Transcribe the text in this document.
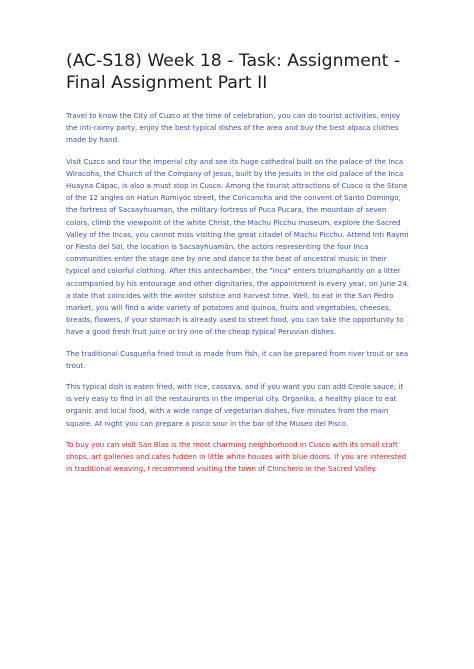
(AC-S18) Week 18 - Task: Assignment - Final Assignment Part II

Travel to know the City of Cuzco at the time of celebration, you can do tourist activities, enjoy the inti-raimy party, enjoy the best typical dishes of the area and buy the best alpaca clothes made by hand.

Visit Cuzco and tour the imperial city and see its huge cathedral built on the palace of the Inca Wiracoha, the Church of the Company of Jesus, built by the Jesuits in the old palace of the Inca Huayna Cápac, is also a must stop in Cusco. Among the tourist attractions of Cusco is the Stone of the 12 angles on Hatun Rumiyoc street, the Coricancha and the convent of Santo Domingo, the fortress of Sacsayhuaman, the military fortress of Puca Pucara, the mountain of seven colors, climb the viewpoint of the white Christ, the Machu Picchu museum, explore the Sacred Valley of the Incas, you cannot miss visiting the great citadel of Machu Picchu. Attend Inti Raymi or Fiesta del Sol, the location is Sacsayhuamán, the actors representing the four Inca communities enter the stage one by one and dance to the beat of ancestral music in their typical and colorful clothing. After this antechamber, the "Inca" enters triumphantly on a litter accompanied by his entourage and other dignitaries, the appointment is every year, on June 24, a date that coincides with the winter solstice and harvest time. Well, to eat in the San Pedro market, you will find a wide variety of potatoes and quinoa, fruits and vegetables, cheeses, breads, flowers, if your stomach is already used to street food, you can take the opportunity to have a good fresh fruit juice or try one of the cheap typical Peruvian dishes.

The traditional Cusqueña fried trout is made from fish, it can be prepared from river trout or sea trout.

This typical dish is eaten fried, with rice, cassava, and if you want you can add Creole sauce, it is very easy to find in all the restaurants in the imperial city. Organika, a healthy place to eat organic and local food, with a wide range of vegetarian dishes, five minutes from the main square. At night you can prepare a pisco sour in the bar of the Museo del Pisco.

To buy you can visit San Blas is the most charming neighborhood in Cusco with its small craft shops, art galleries and cafes hidden in little white houses with blue doors. If you are interested in traditional weaving, I recommend visiting the town of Chinchero in the Sacred Valley.
